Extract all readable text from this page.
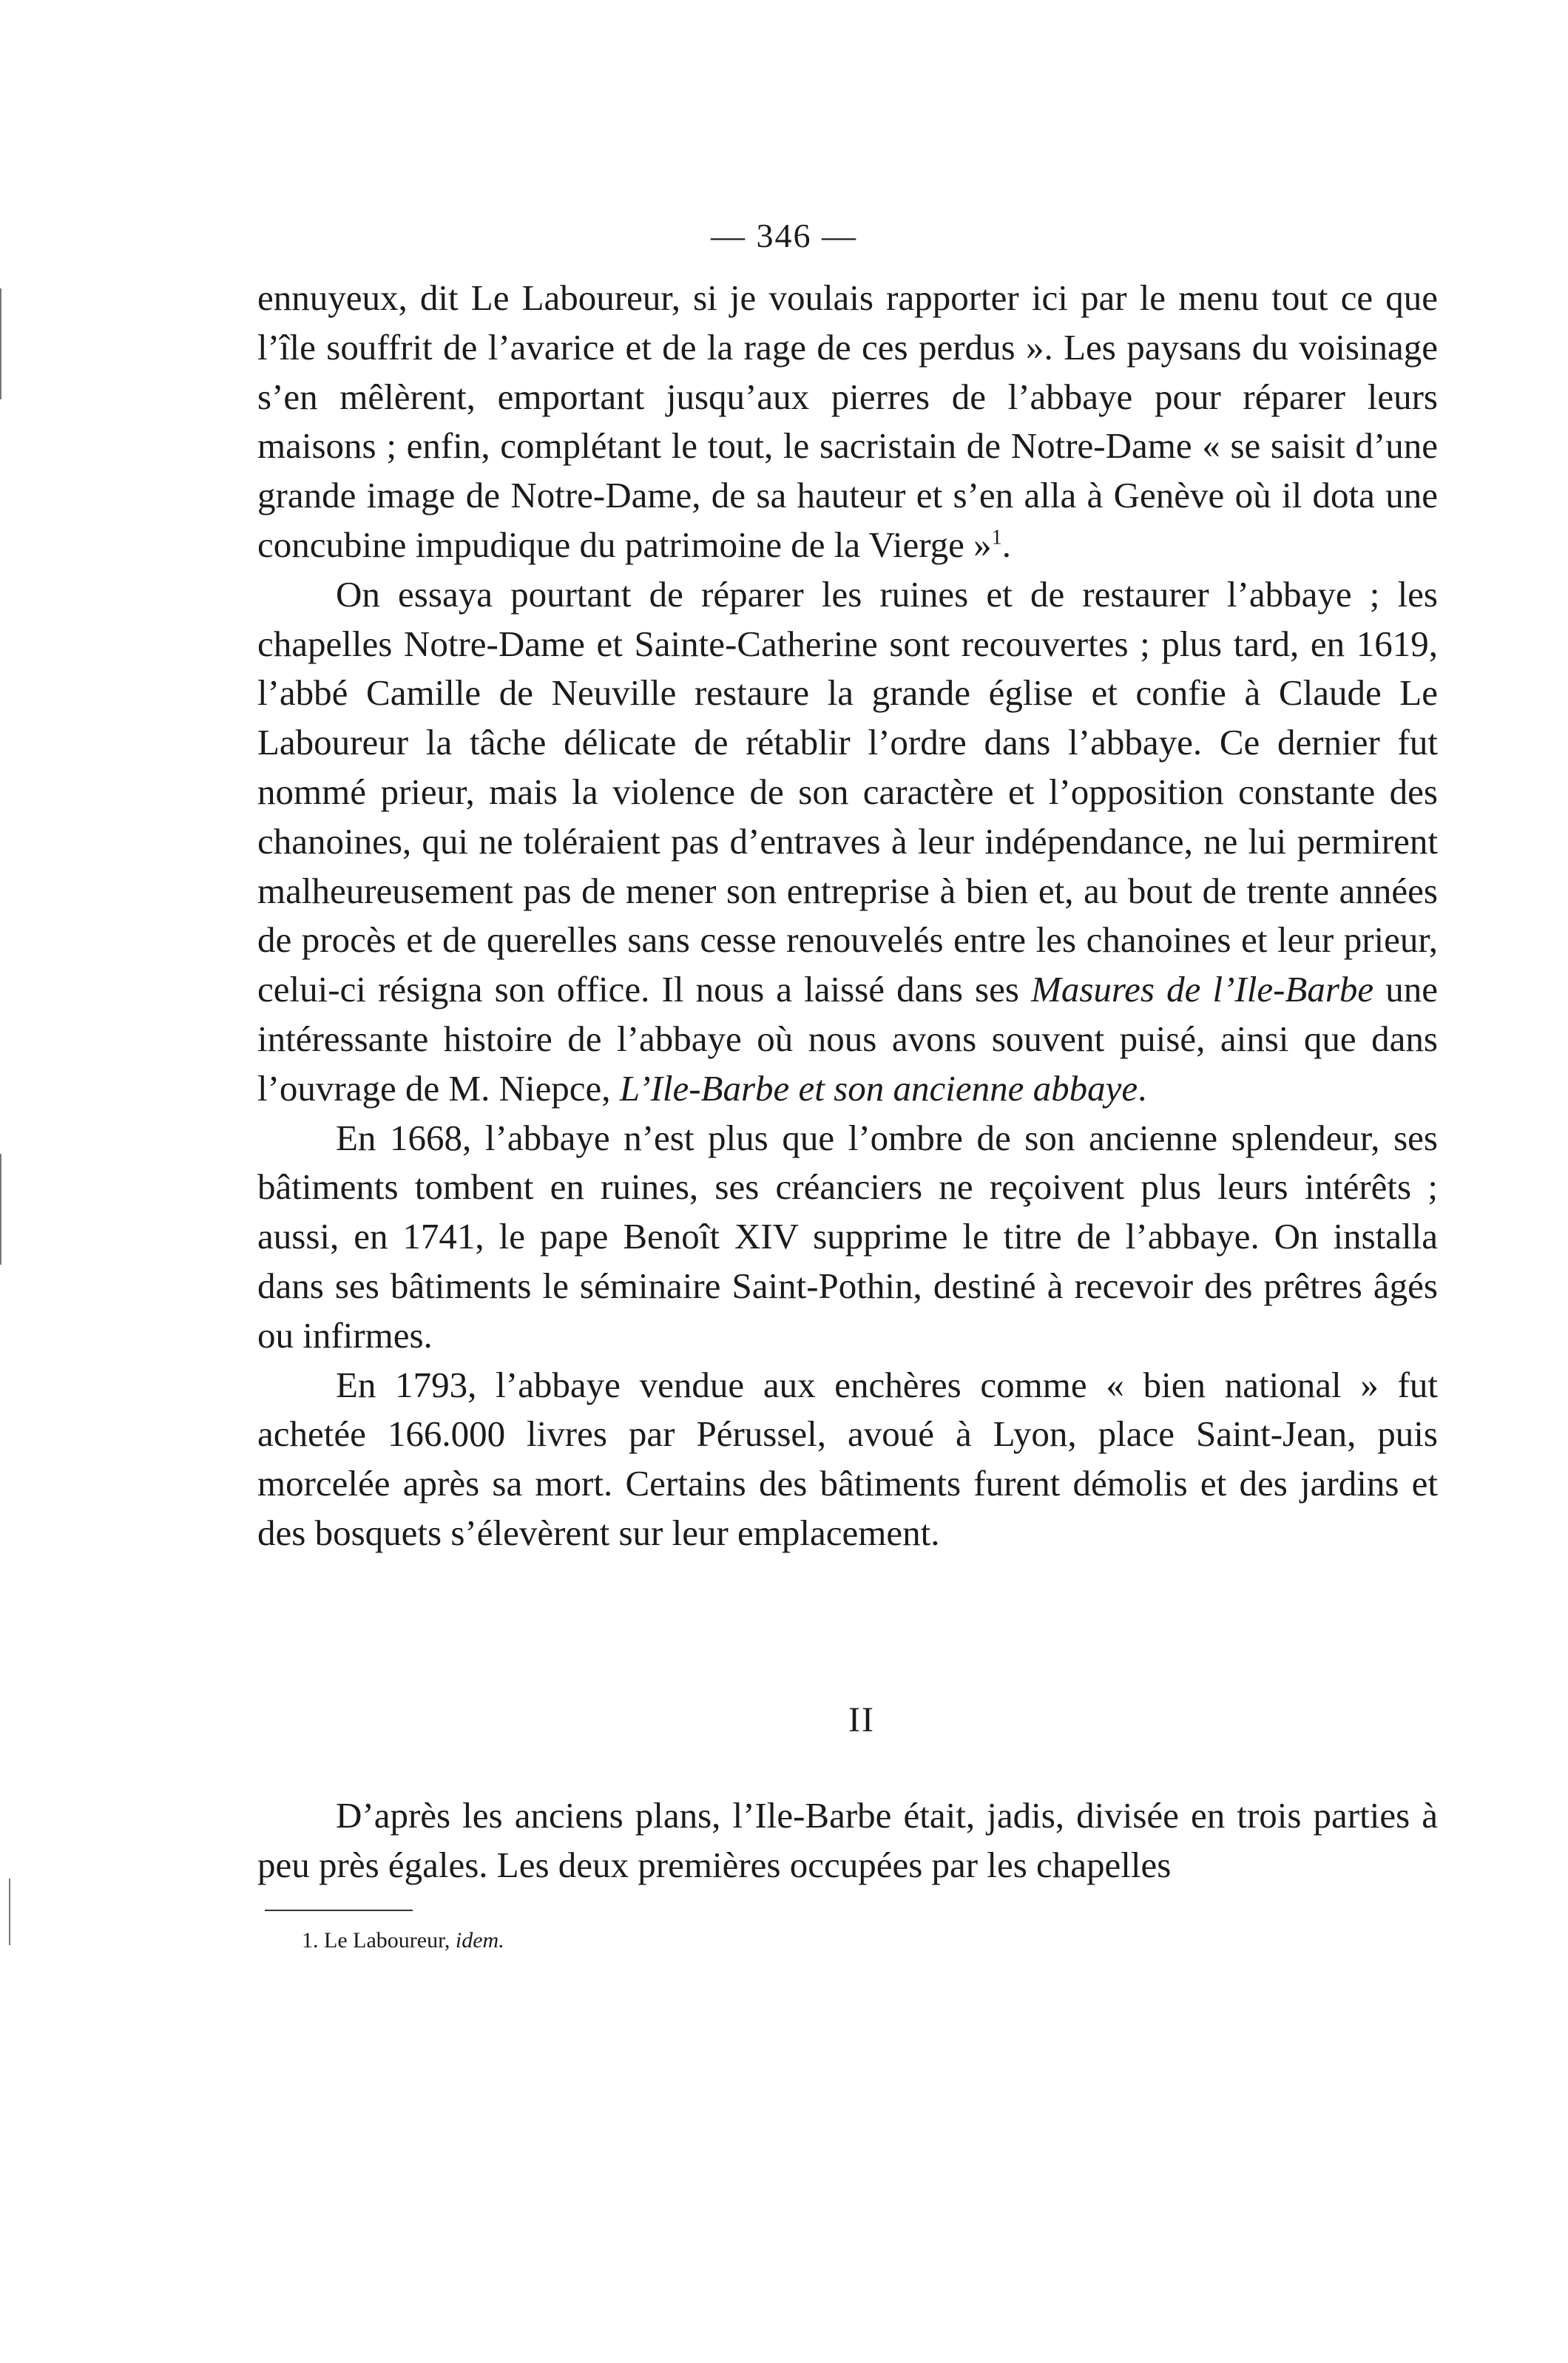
— 346 —

ennuyeux, dit Le Laboureur, si je voulais rapporter ici par le menu tout ce que l’île souffrit de l’avarice et de la rage de ces perdus ». Les paysans du voisinage s’en mêlèrent, emportant jusqu’aux pierres de l’abbaye pour réparer leurs maisons ; enfin, complétant le tout, le sacristain de Notre-Dame « se saisit d’une grande image de Notre-Dame, de sa hauteur et s’en alla à Genève où il dota une concubine impudique du patrimoine de la Vierge »$^1$.

On essaya pourtant de réparer les ruines et de restaurer l’abbaye ; les chapelles Notre-Dame et Sainte-Catherine sont recouvertes ; plus tard, en 1619, l’abbé Camille de Neuville restaure la grande église et confie à Claude Le Laboureur la tâche délicate de rétablir l’ordre dans l’abbaye. Ce dernier fut nommé prieur, mais la violence de son caractère et l’opposition constante des chanoines, qui ne toléraient pas d’entraves à leur indépendance, ne lui permirent malheureusement pas de mener son entreprise à bien et, au bout de trente années de procès et de querelles sans cesse renouvelés entre les chanoines et leur prieur, celui-ci résigna son office. Il nous a laissé dans ses Masures de l’Ile-Barbe une intéressante histoire de l’abbaye où nous avons souvent puisé, ainsi que dans l’ouvrage de M. Niepce, L’Ile-Barbe et son ancienne abbaye.

En 1668, l’abbaye n’est plus que l’ombre de son ancienne splendeur, ses bâtiments tombent en ruines, ses créanciers ne reçoivent plus leurs intérêts ; aussi, en 1741, le pape Benoît XIV supprime le titre de l’abbaye. On installa dans ses bâtiments le séminaire Saint-Pothin, destiné à recevoir des prêtres âgés ou infirmes.

En 1793, l’abbaye vendue aux enchères comme « bien national » fut achetée 166.000 livres par Pérussel, avoué à Lyon, place Saint-Jean, puis morcelée après sa mort. Certains des bâtiments furent démolis et des jardins et des bosquets s’élevèrent sur leur emplacement.

II

D’après les anciens plans, l’Ile-Barbe était, jadis, divisée en trois parties à peu près égales. Les deux premières occupées par les chapelles

1. Le Laboureur, idem.
